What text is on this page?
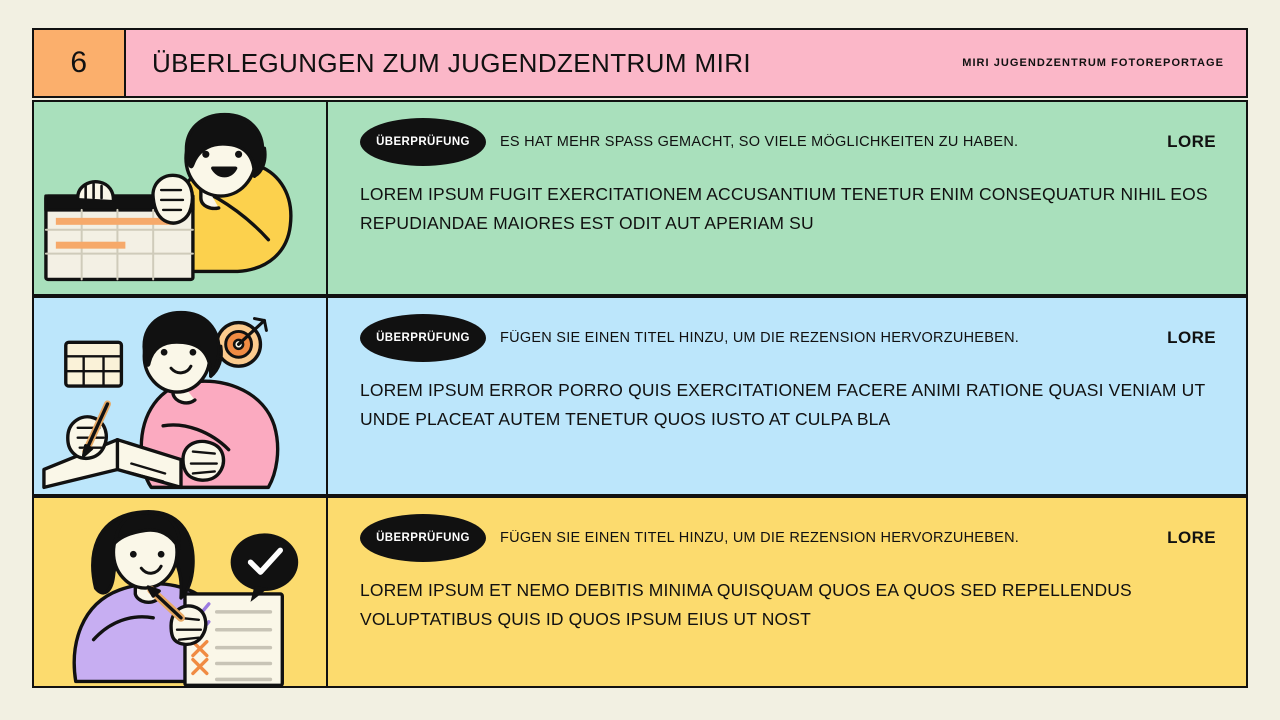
6 ÜBERLEGUNGEN ZUM JUGENDZENTRUM MIRI	MIRI JUGENDZENTRUM FOTOREPORTAGE
ÜBERPRÜFUNG ES HAT MEHR SPASS GEMACHT, SO VIELE MÖGLICHKEITEN ZU HABEN.	LORE
LOREM IPSUM FUGIT EXERCITATIONEM ACCUSANTIUM TENETUR ENIM CONSEQUATUR NIHIL EOS REPUDIANDAE MAIORES EST ODIT AUT APERIAM SU
ÜBERPRÜFUNG FÜGEN SIE EINEN TITEL HINZU, UM DIE REZENSION HERVORZUHEBEN.	LORE
LOREM IPSUM ERROR PORRO QUIS EXERCITATIONEM FACERE ANIMI RATIONE QUASI VENIAM UT UNDE PLACEAT AUTEM TENETUR QUOS IUSTO AT CULPA BLA
ÜBERPRÜFUNG FÜGEN SIE EINEN TITEL HINZU, UM DIE REZENSION HERVORZUHEBEN.	LORE
LOREM IPSUM ET NEMO DEBITIS MINIMA QUISQUAM QUOS EA QUOS SED REPELLENDUS VOLUPTATIBUS QUIS ID QUOS IPSUM EIUS UT NOST
